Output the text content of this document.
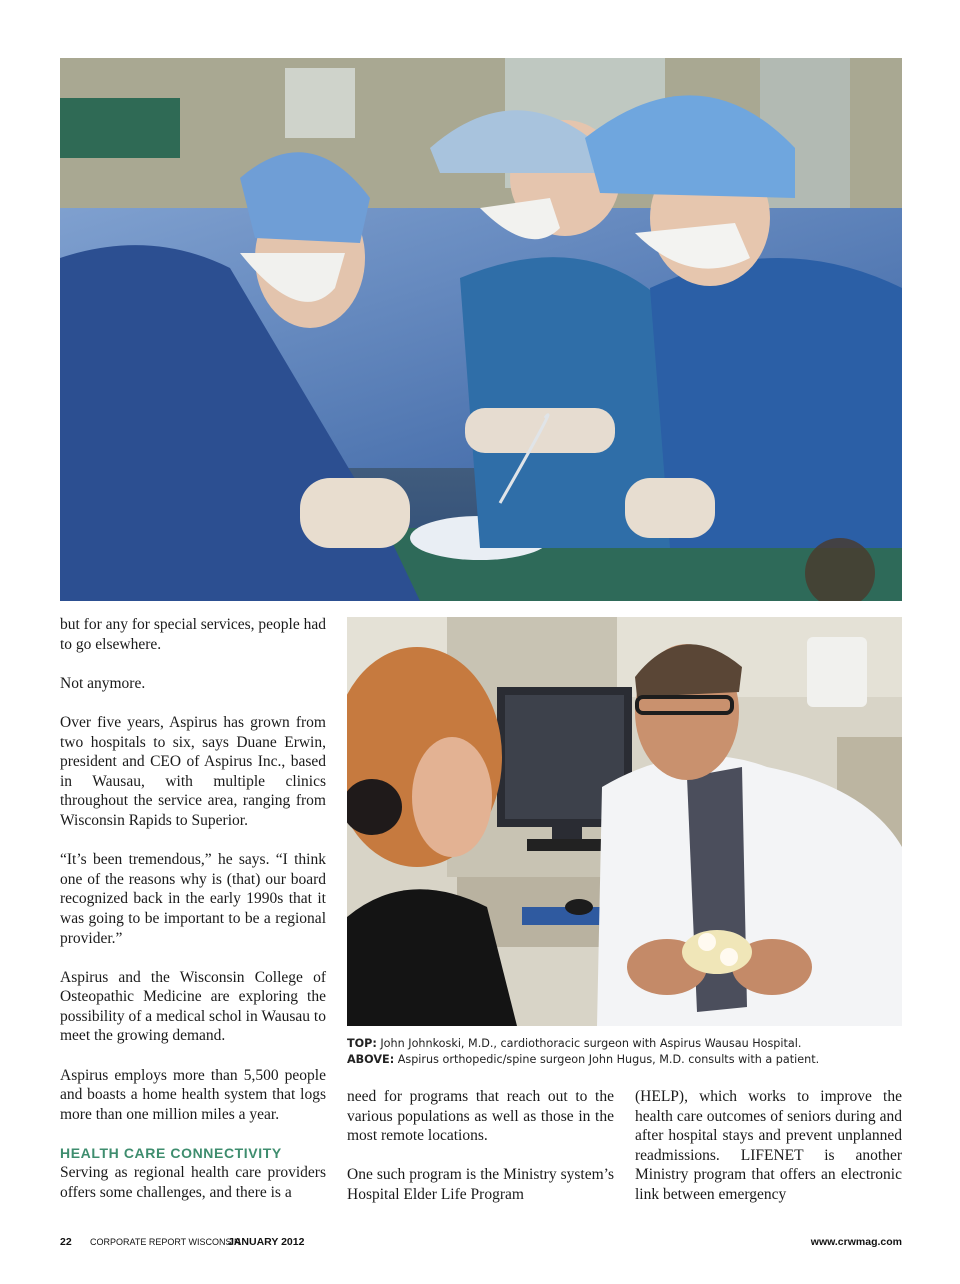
but for any for special services, people had to go elsewhere.

Not anymore.

Over five years, Aspirus has grown from two hospitals to six, says Duane Erwin, president and CEO of Aspirus Inc., based in Wausau, with multiple clinics throughout the service area, ranging from Wisconsin Rapids to Superior.

“It’s been tremendous,” he says. “I think one of the reasons why is (that) our board recognized back in the early 1990s that it was going to be important to be a regional provider.”

Aspirus and the Wisconsin College of Osteopathic Medicine are exploring the possibility of a medical schol in Wausau to meet the growing demand.

Aspirus employs more than 5,500 people and boasts a home health system that logs more than one million miles a year.

HEALTH CARE CONNECTIVITY

Serving as regional health care providers offers some challenges, and there is a

TOP: John Johnkoski, M.D., cardiothoracic surgeon with Aspirus Wausau Hospital.
ABOVE: Aspirus orthopedic/spine surgeon John Hugus, M.D. consults with a patient.

need for programs that reach out to the various populations as well as those in the most remote locations.

One such program is the Ministry system’s Hospital Elder Life Program

(HELP), which works to improve the health care outcomes of seniors during and after hospital stays and prevent unplanned readmissions. LIFENET is another Ministry program that offers an electronic link between emergency

22 CORPORATE REPORT WISCONSIN
JANUARY 2012	www.crwmag.com
